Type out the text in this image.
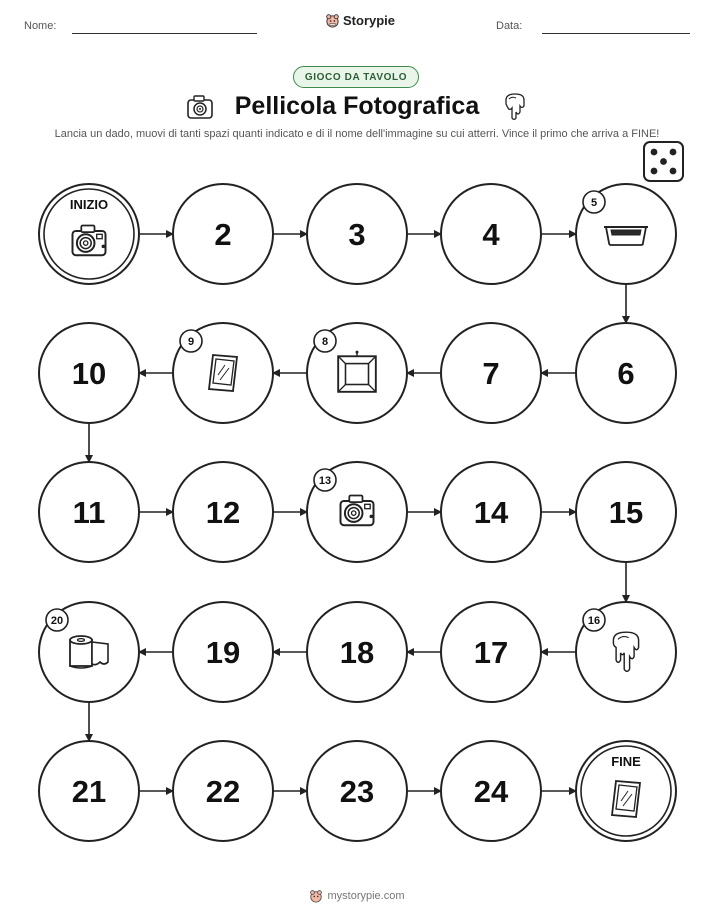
Nome:	Storypie	Data:
GIOCO DA TAVOLO
Pellicola Fotografica
Lancia un dado, muovi di tanti spazi quanti indicato e di il nome dell'immagine su cui atterri. Vince il primo che arriva a FINE!
INIZIO
2	3	4
5
6
7
8
9
10
11	12
13
14	15
16
17
18
19
20
21	22	23	24
FINE
mystorypie.com
